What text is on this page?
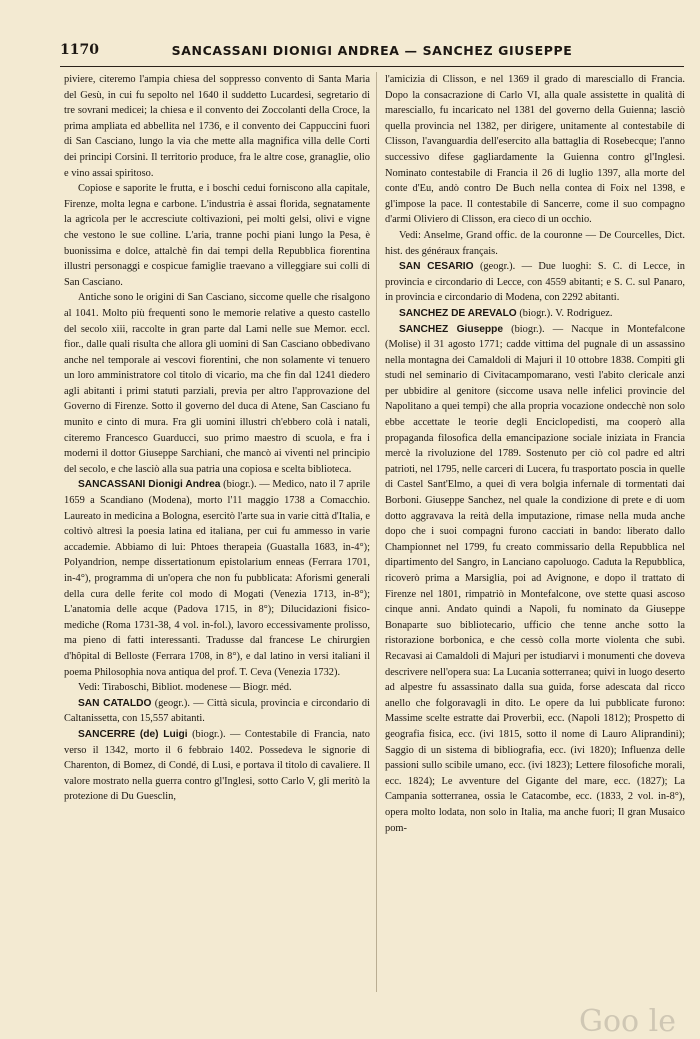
1170	SANCASSANI DIONIGI ANDREA — SANCHEZ GIUSEPPE

piviere, citeremo l'ampia chiesa del soppresso convento di Santa Maria del Gesù, in cui fu sepolto nel 1640 il suddetto Lucardesi, segretario di tre sovrani medicei; la chiesa e il convento dei Zoccolanti della Croce, la prima ampliata ed abbellita nel 1736, e il convento dei Cappuccini fuori di San Casciano, lungo la via che mette alla magnifica villa delle Corti dei principi Corsini. Il territorio produce, fra le altre cose, granaglie, olio e vino assai spiritoso.

Copiose e saporite le frutta, e i boschi cedui forniscono alla capitale, Firenze, molta legna e carbone. L'industria è assai florida, segnatamente la agricola per le accresciute coltivazioni, pei molti gelsi, olivi e vigne che vestono le sue colline. L'aria, tranne pochi piani lungo la Pesa, è buonissima e dolce, attalchè fin dai tempi della Repubblica fiorentina illustri personaggi e cospicue famiglie traevano a villeggiare sui colli di San Casciano.

Antiche sono le origini di San Casciano, siccome quelle che risalgono al 1041. Molto più frequenti sono le memorie relative a questo castello del secolo xiii, raccolte in gran parte dal Lami nelle sue Memor. eccl. fior., dalle quali risulta che allora gli uomini di San Casciano obbedivano anche nel temporale ai vescovi fiorentini, che non solamente vi tenuero un loro amministratore col titolo di vicario, ma che fin dal 1241 diedero agli abitanti i primi statuti parziali, previa per altro l'approvazione del Governo di Firenze. Sotto il governo del duca di Atene, San Casciano fu munito e cinto di mura. Fra gli uomini illustri ch'ebbero colà i natali, citeremo Francesco Guarducci, suo primo maestro di scuola, e fra i moderni il dottor Giuseppe Sarchiani, che mancò ai viventi nel principio del secolo, e che lasciò alla sua patria una copiosa e scelta biblioteca.

SANCASSANI Dionigi Andrea (biogr.). — Medico, nato il 7 aprile 1659 a Scandiano (Modena), morto l'11 maggio 1738 a Comacchio. Laureato in medicina a Bologna, esercitò l'arte sua in varie città d'Italia, e coltivò altresì la poesia latina ed italiana, per cui fu ammesso in varie accademie. Abbiamo di lui: Phtoes therapeia (Guastalla 1683, in-4°); Polyandrion, nempe dissertationum epistolarium enneas (Ferrara 1701, in-4°), programma di un'opera che non fu pubblicata: Aforismi generali della cura delle ferite col modo di Mogati (Venezia 1713, in-8°); L'anatomia delle acque (Padova 1715, in 8°); Dilucidazioni fisico-mediche (Roma 1731-38, 4 vol. in-fol.), lavoro eccessivamente prolisso, ma pieno di fatti interessanti. Tradusse dal francese Le chirurgien d'hôpital di Belloste (Ferrara 1708, in 8°), e dal latino in versi italiani il poema Philosophia nova antiqua del prof. T. Ceva (Venezia 1732).

Vedi: Tiraboschi, Bibliot. modenese — Biogr. méd.

SAN CATALDO (geogr.). — Città sicula, provincia e circondario di Caltanissetta, con 15,557 abitanti.

SANCERRE (de) Luigi (biogr.). — Contestabile di Francia, nato verso il 1342, morto il 6 febbraio 1402. Possedeva le signorie di Charenton, di Bomez, di Condé, di Lusi, e portava il titolo di cavaliere. Il valore mostrato nella guerra contro gl'Inglesi, sotto Carlo V, gli meritò la protezione di Du Guesclin,

l'amicizia di Clisson, e nel 1369 il grado di maresciallo di Francia. Dopo la consacrazione di Carlo VI, alla quale assistette in qualità di maresciallo, fu incaricato nel 1381 del governo della Guienna; lasciò quella provincia nel 1382, per dirigere, unitamente al contestabile di Clisson, l'avanguardia dell'esercito alla battaglia di Rosebecque; l'anno successivo difese gagliardamente la Guienna contro gl'Inglesi. Nominato contestabile di Francia il 26 di luglio 1397, alla morte del conte d'Eu, andò contro De Buch nella contea di Foix nel 1398, e gl'impose la pace. Il contestabile di Sancerre, come il suo compagno d'armi Oliviero di Clisson, era cieco di un occhio.

Vedi: Anselme, Grand offic. de la couronne — De Courcelles, Dict. hist. des généraux français.

SAN CESARIO (geogr.). — Due luoghi: S. C. di Lecce, in provincia e circondario di Lecce, con 4559 abitanti; e S. C. sul Panaro, in provincia e circondario di Modena, con 2292 abitanti.

SANCHEZ DE AREVALO (biogr.). V. Rodriguez.

SANCHEZ Giuseppe (biogr.). — Nacque in Montefalcone (Molise) il 31 agosto 1771; cadde vittima del pugnale di un assassino nella montagna dei Camaldoli di Majuri il 10 ottobre 1838. Compiti gli studi nel seminario di Civitacampomarano, vestì l'abito clericale anzi per ubbidire al genitore (siccome usava nelle infelici provincie del Napolitano a quei tempi) che alla propria vocazione ondecchè non solo ebbe accettate le teorie degli Enciclopedisti, ma cooperò alla propaganda filosofica della emancipazione sociale iniziata in Francia mercè la rivoluzione del 1789. Sostenuto per ciò col padre ed altri patrioti, nel 1795, nelle carceri di Lucera, fu trasportato poscia in quelle di Castel Sant'Elmo, a quei dì vera bolgia infernale di tormentati dai Borboni. Giuseppe Sanchez, nel quale la condizione di prete e di uom dotto aggravava la reità della imputazione, rimase nella muda anche dopo che i suoi compagni furono cacciati in bando: liberato dallo Championnet nel 1799, fu creato commissario della Repubblica nel dipartimento del Sangro, in Lanciano capoluogo. Caduta la Repubblica, ricoverò prima a Marsiglia, poi ad Avignone, e dopo il trattato di Firenze nel 1801, rimpatriò in Montefalcone, ove stette quasi ascoso cinque anni. Andato quindi a Napoli, fu nominato da Giuseppe Bonaparte suo bibliotecario, ufficio che tenne anche sotto la ristorazione borbonica, e che cessò colla morte violenta che subì. Recavasi ai Camaldoli di Majuri per istudiarvi i monumenti che doveva descrivere nell'opera sua: La Lucania sotterranea; quivi in luogo deserto ad alpestre fu assassinato dalla sua guida, forse adescata dal ricco anello che folgoravagli in dito. Le opere da lui pubblicate furono: Massime scelte estratte dai Proverbii, ecc. (Napoli 1812); Prospetto di geografia fisica, ecc. (ivi 1815, sotto il nome di Lauro Aliprandini); Saggio di un sistema di bibliografia, ecc. (ivi 1820); Influenza delle passioni sullo scibile umano, ecc. (ivi 1823); Lettere filosofiche morali, ecc. 1824); Le avventure del Gigante del mare, ecc. (1827); La Campania sotterranea, ossia le Catacombe, ecc. (1833, 2 vol. in-8°), opera molto lodata, non solo in Italia, ma anche fuori; Il gran Musaico pom-

Goo le
